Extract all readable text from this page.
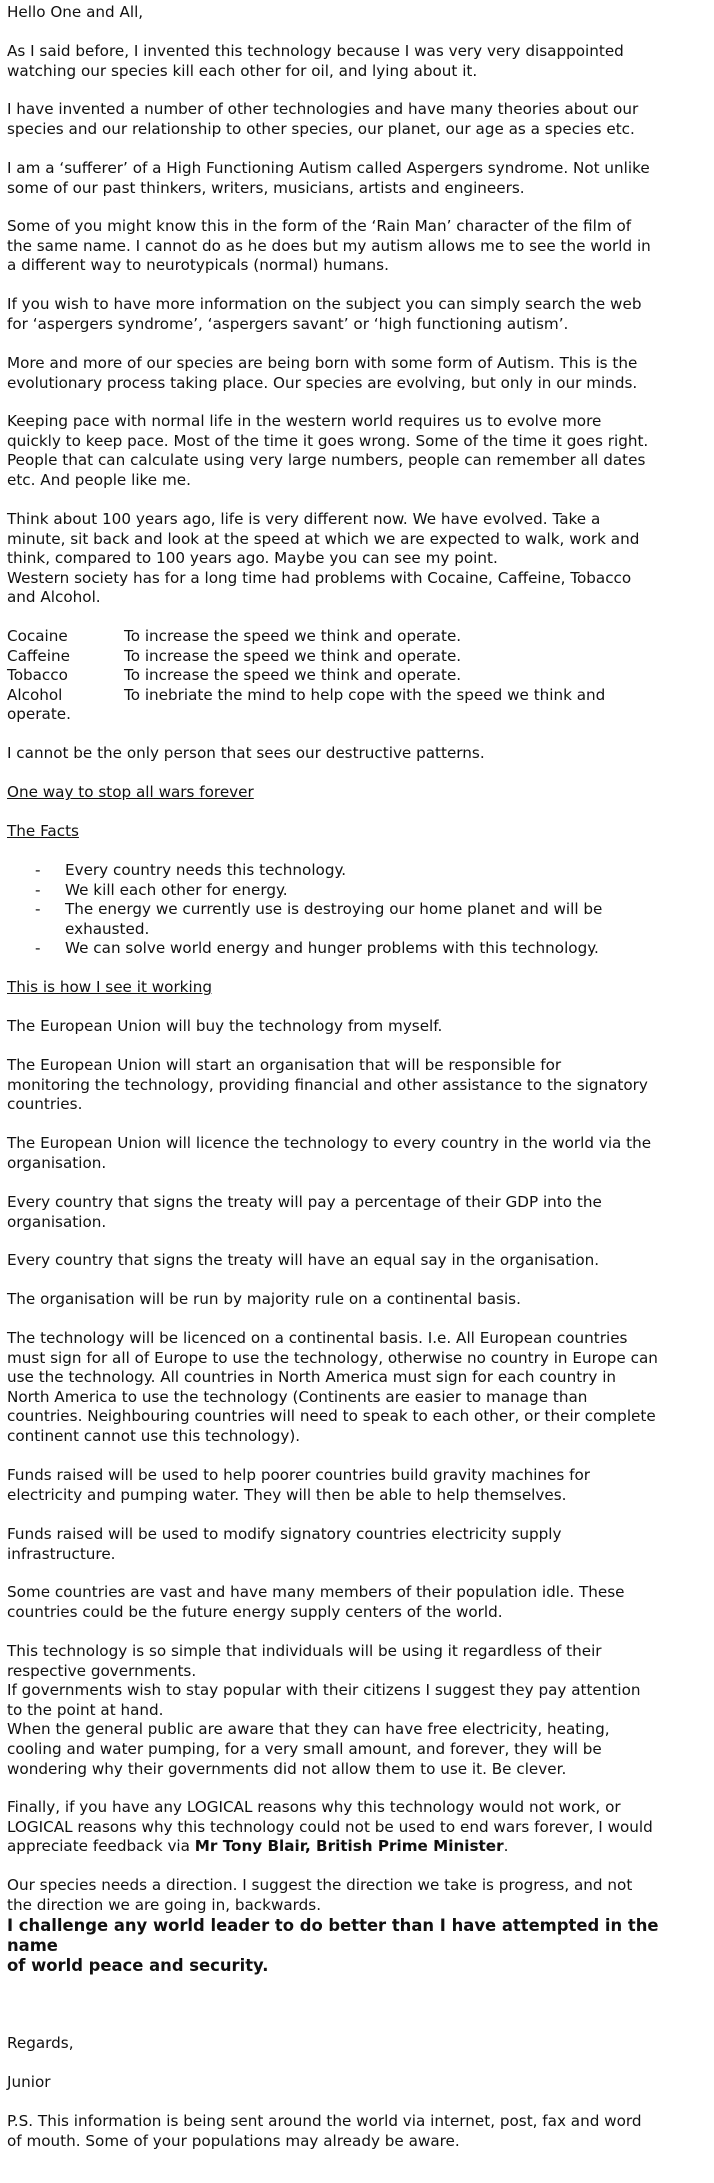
Hello One and All,

As I said before, I invented this technology because I was very very disappointed
watching our species kill each other for oil, and lying about it.

I have invented a number of other technologies and have many theories about our
species and our relationship to other species, our planet, our age as a species etc.

I am a ‘sufferer’ of a High Functioning Autism called Aspergers syndrome. Not unlike
some of our past thinkers, writers, musicians, artists and engineers.

Some of you might know this in the form of the ‘Rain Man’ character of the film of
the same name. I cannot do as he does but my autism allows me to see the world in
a different way to neurotypicals (normal) humans.

If you wish to have more information on the subject you can simply search the web
for ‘aspergers syndrome’, ‘aspergers savant’ or ‘high functioning autism’.

More and more of our species are being born with some form of Autism. This is the
evolutionary process taking place. Our species are evolving, but only in our minds.

Keeping pace with normal life in the western world requires us to evolve more
quickly to keep pace. Most of the time it goes wrong. Some of the time it goes right.
People that can calculate using very large numbers, people can remember all dates
etc. And people like me.

Think about 100 years ago, life is very different now. We have evolved. Take a
minute, sit back and look at the speed at which we are expected to walk, work and
think, compared to 100 years ago. Maybe you can see my point.
Western society has for a long time had problems with Cocaine, Caffeine, Tobacco
and Alcohol.

Cocaine	To increase the speed we think and operate.
Caffeine	To increase the speed we think and operate.
Tobacco	To increase the speed we think and operate.
Alcohol	To inebriate the mind to help cope with the speed we think and

operate.

I cannot be the only person that sees our destructive patterns.

One way to stop all wars forever

The Facts

- Every country needs this technology.
- We kill each other for energy.

- The energy we currently use is destroying our home planet and will be
exhausted.

- We can solve world energy and hunger problems with this technology.

This is how I see it working

The European Union will buy the technology from myself.

The European Union will start an organisation that will be responsible for
monitoring the technology, providing financial and other assistance to the signatory
countries.

The European Union will licence the technology to every country in the world via the
organisation.

Every country that signs the treaty will pay a percentage of their GDP into the
organisation.

Every country that signs the treaty will have an equal say in the organisation.

The organisation will be run by majority rule on a continental basis.

The technology will be licenced on a continental basis. I.e. All European countries
must sign for all of Europe to use the technology, otherwise no country in Europe can
use the technology. All countries in North America must sign for each country in
North America to use the technology (Continents are easier to manage than
countries. Neighbouring countries will need to speak to each other, or their complete
continent cannot use this technology).

Funds raised will be used to help poorer countries build gravity machines for
electricity and pumping water. They will then be able to help themselves.

Funds raised will be used to modify signatory countries electricity supply
infrastructure.

Some countries are vast and have many members of their population idle. These
countries could be the future energy supply centers of the world.

This technology is so simple that individuals will be using it regardless of their
respective governments.
If governments wish to stay popular with their citizens I suggest they pay attention
to the point at hand.
When the general public are aware that they can have free electricity, heating,
cooling and water pumping, for a very small amount, and forever, they will be
wondering why their governments did not allow them to use it. Be clever.

Finally, if you have any LOGICAL reasons why this technology would not work, or
LOGICAL reasons why this technology could not be used to end wars forever, I would
appreciate feedback via Mr Tony Blair, British Prime Minister.

Our species needs a direction. I suggest the direction we take is progress, and not
the direction we are going in, backwards.

I challenge any world leader to do better than I have attempted in the name
of world peace and security.

Regards,

Junior

P.S. This information is being sent around the world via internet, post, fax and word
of mouth. Some of your populations may already be aware.
